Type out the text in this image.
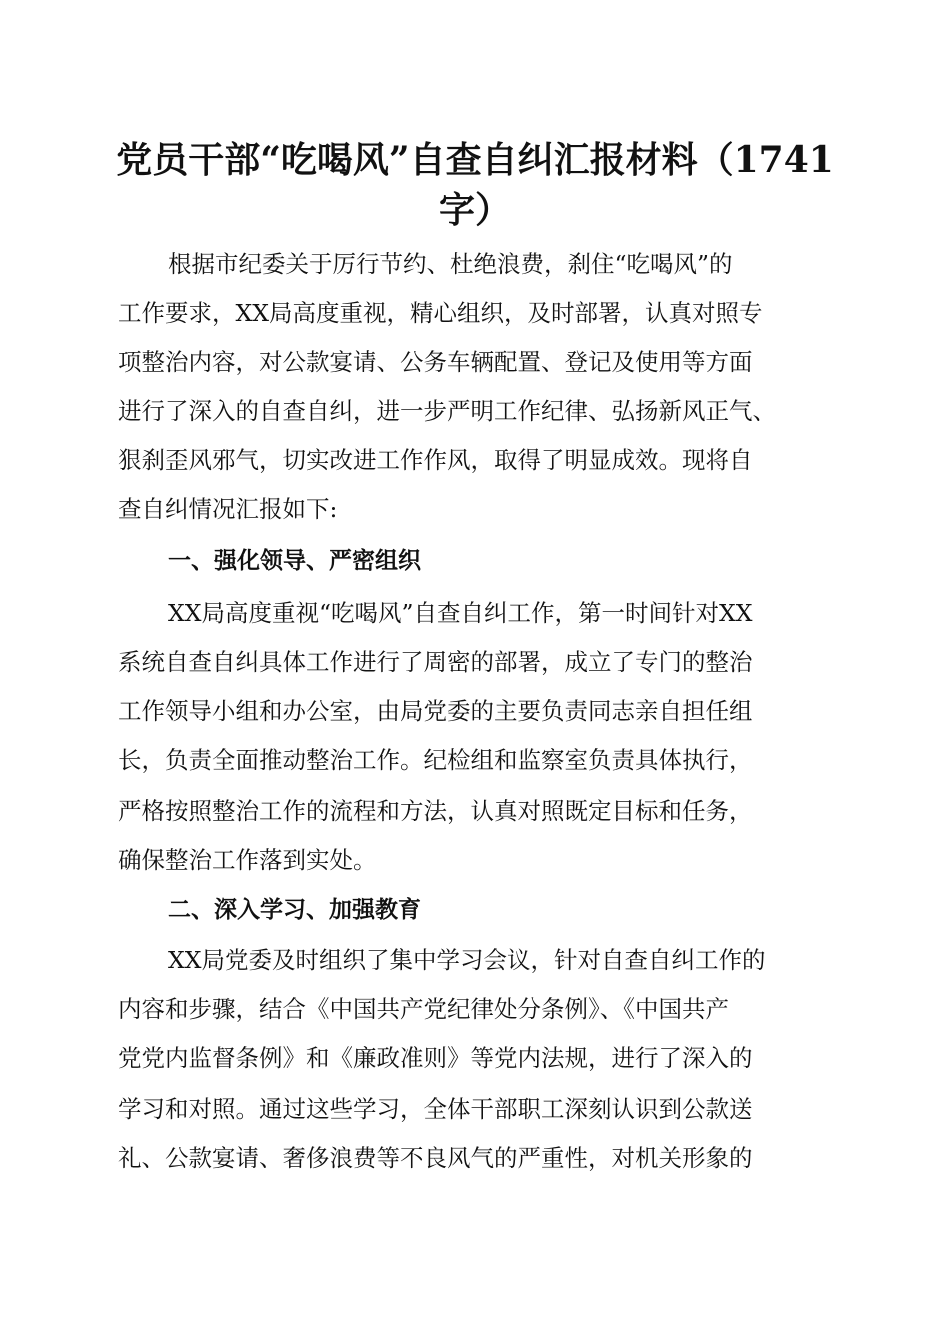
党员干部“吃喝风”自查自纠汇报材料（1741
字）

根据市纪委关于厉行节约、杜绝浪费，刹住“吃喝风”的

工作要求，XX局高度重视，精心组织，及时部署，认真对照专

项整治内容，对公款宴请、公务车辆配置、登记及使用等方面

进行了深入的自查自纠，进一步严明工作纪律、弘扬新风正气、

狠刹歪风邪气，切实改进工作作风，取得了明显成效。现将自

查自纠情况汇报如下:

一、强化领导、严密组织

XX局高度重视“吃喝风”自查自纠工作，第一时间针对XX

系统自查自纠具体工作进行了周密的部署，成立了专门的整治

工作领导小组和办公室，由局党委的主要负责同志亲自担任组

长，负责全面推动整治工作。纪检组和监察室负责具体执行，

严格按照整治工作的流程和方法，认真对照既定目标和任务，

确保整治工作落到实处。

二、深入学习、加强教育

XX局党委及时组织了集中学习会议，针对自查自纠工作的

内容和步骤，结合《中国共产党纪律处分条例》、《中国共产

党党内监督条例》和《廉政准则》等党内法规，进行了深入的

学习和对照。通过这些学习，全体干部职工深刻认识到公款送

礼、公款宴请、奢侈浪费等不良风气的严重性，对机关形象的
